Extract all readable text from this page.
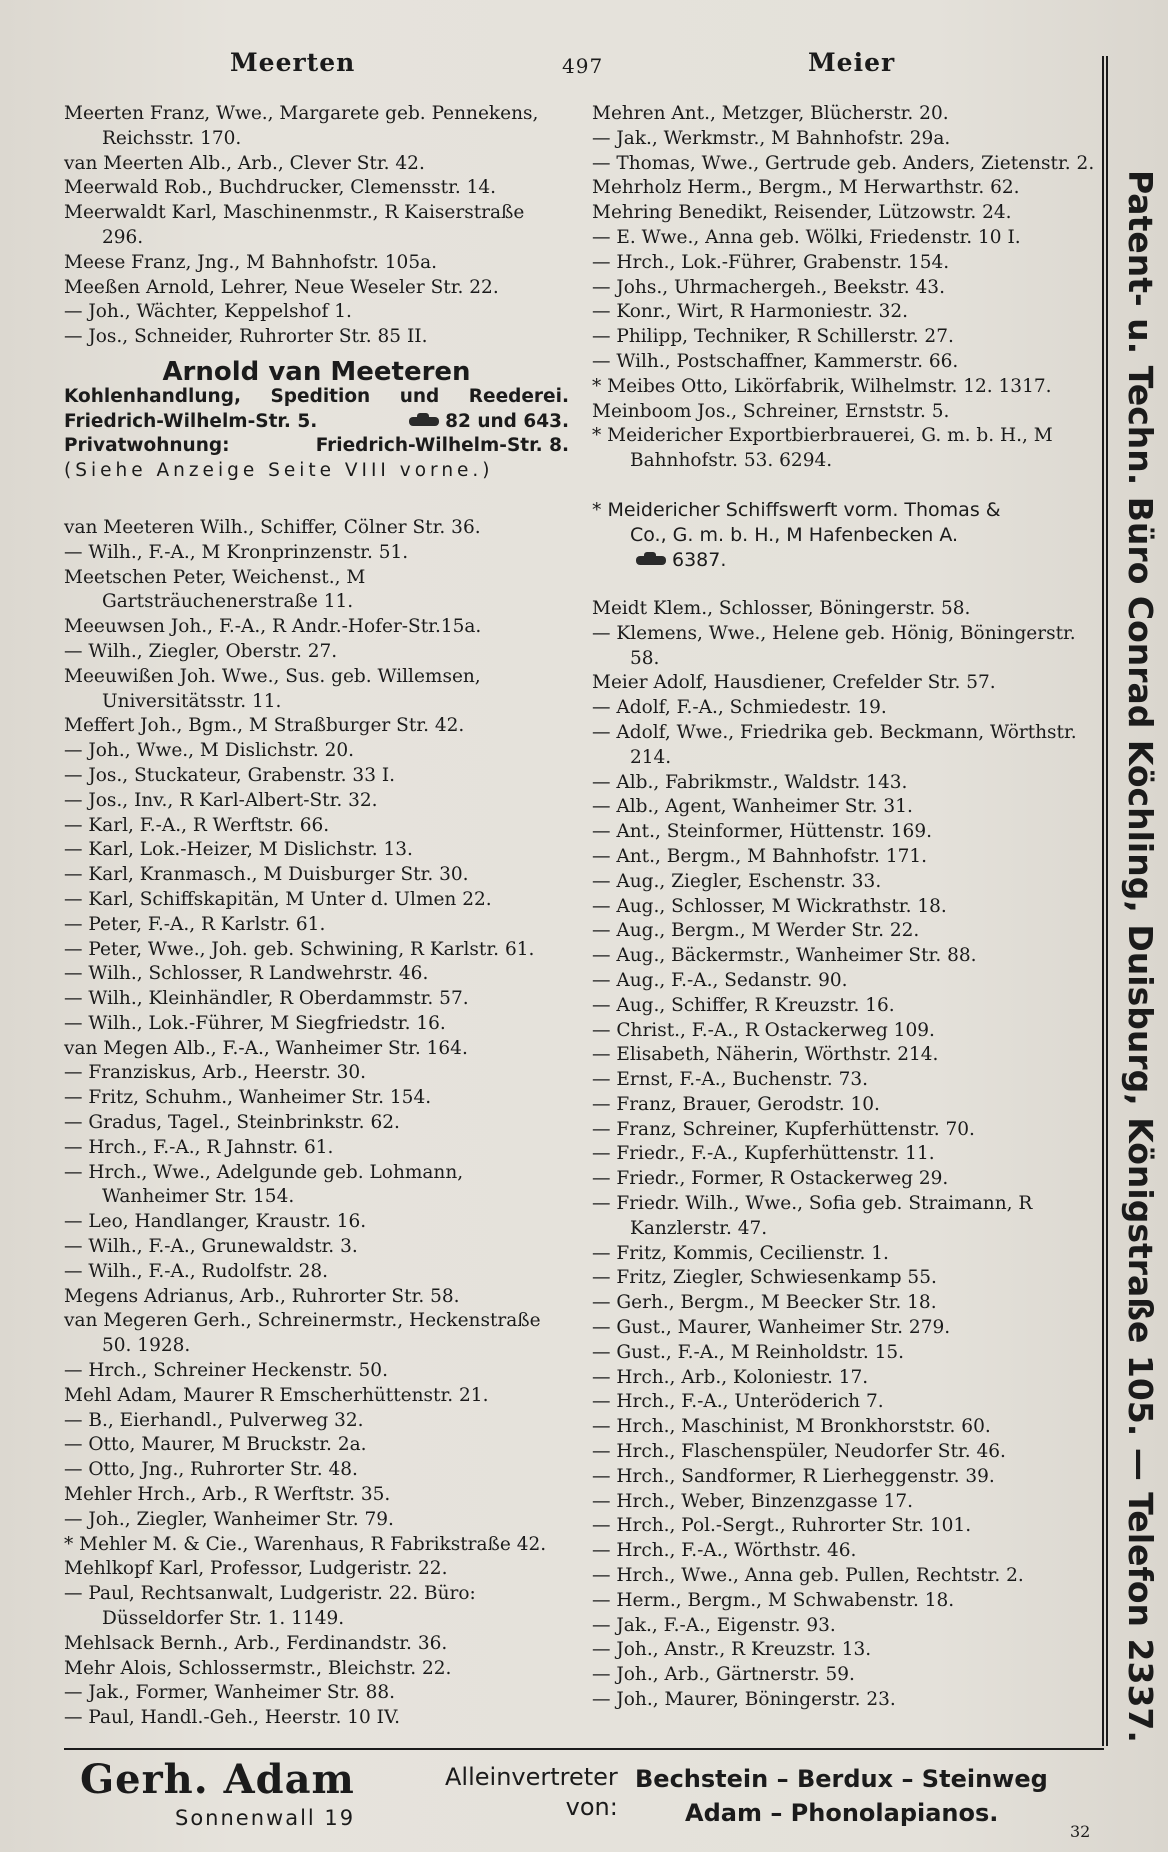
Meerten	497	Meier
Meerten Franz, Wwe., Margarete geb. Pennekens, Reichsstr. 170.
van Meerten Alb., Arb., Clever Str. 42.
Meerwald Rob., Buchdrucker, Clemensstr. 14.
Meerwaldt Karl, Maschinenmstr., R Kaiserstraße 296.
Meese Franz, Jng., M Bahnhofstr. 105a.
Meeßen Arnold, Lehrer, Neue Weseler Str. 22.
— Joh., Wächter, Keppelshof 1.
— Jos., Schneider, Ruhrorter Str. 85 II.
Arnold van Meeteren
Kohlenhandlung, Spedition und Reederei.
Friedrich-Wilhelm-Str. 5.	82 und 643.
Privatwohnung:	Friedrich-Wilhelm-Str. 8.
(Siehe Anzeige Seite VIII vorne.)
van Meeteren Wilh., Schiffer, Cölner Str. 36.
— Wilh., F.-A., M Kronprinzenstr. 51.
Meetschen Peter, Weichenst., M Gartsträuchenerstraße 11.
Meeuwsen Joh., F.-A., R Andr.-Hofer-Str.15a.
— Wilh., Ziegler, Oberstr. 27.
Meeuwißen Joh. Wwe., Sus. geb. Willemsen, Universitätsstr. 11.
Meffert Joh., Bgm., M Straßburger Str. 42.
— Joh., Wwe., M Dislichstr. 20.
— Jos., Stuckateur, Grabenstr. 33 I.
— Jos., Inv., R Karl-Albert-Str. 32.
— Karl, F.-A., R Werftstr. 66.
— Karl, Lok.-Heizer, M Dislichstr. 13.
— Karl, Kranmasch., M Duisburger Str. 30.
— Karl, Schiffskapitän, M Unter d. Ulmen 22.
— Peter, F.-A., R Karlstr. 61.
— Peter, Wwe., Joh. geb. Schwining, R Karlstr. 61.
— Wilh., Schlosser, R Landwehrstr. 46.
— Wilh., Kleinhändler, R Oberdammstr. 57.
— Wilh., Lok.-Führer, M Siegfriedstr. 16.
van Megen Alb., F.-A., Wanheimer Str. 164.
— Franziskus, Arb., Heerstr. 30.
— Fritz, Schuhm., Wanheimer Str. 154.
— Gradus, Tagel., Steinbrinkstr. 62.
— Hrch., F.-A., R Jahnstr. 61.
— Hrch., Wwe., Adelgunde geb. Lohmann, Wanheimer Str. 154.
— Leo, Handlanger, Kraustr. 16.
— Wilh., F.-A., Grunewaldstr. 3.
— Wilh., F.-A., Rudolfstr. 28.
Megens Adrianus, Arb., Ruhrorter Str. 58.
van Megeren Gerh., Schreinermstr., Heckenstraße 50. 1928.
— Hrch., Schreiner Heckenstr. 50.
Mehl Adam, Maurer R Emscherhüttenstr. 21.
— B., Eierhandl., Pulverweg 32.
— Otto, Maurer, M Bruckstr. 2a.
— Otto, Jng., Ruhrorter Str. 48.
Mehler Hrch., Arb., R Werftstr. 35.
— Joh., Ziegler, Wanheimer Str. 79.
* Mehler M. & Cie., Warenhaus, R Fabrikstraße 42.
Mehlkopf Karl, Professor, Ludgeristr. 22.
— Paul, Rechtsanwalt, Ludgeristr. 22. Büro: Düsseldorfer Str. 1. 1149.
Mehlsack Bernh., Arb., Ferdinandstr. 36.
Mehr Alois, Schlossermstr., Bleichstr. 22.
— Jak., Former, Wanheimer Str. 88.
— Paul, Handl.-Geh., Heerstr. 10 IV.
Mehren Ant., Metzger, Blücherstr. 20.
— Jak., Werkmstr., M Bahnhofstr. 29a.
— Thomas, Wwe., Gertrude geb. Anders, Zietenstr. 2.
Mehrholz Herm., Bergm., M Herwarthstr. 62.
Mehring Benedikt, Reisender, Lützowstr. 24.
— E. Wwe., Anna geb. Wölki, Friedenstr. 10 I.
— Hrch., Lok.-Führer, Grabenstr. 154.
— Johs., Uhrmachergeh., Beekstr. 43.
— Konr., Wirt, R Harmoniestr. 32.
— Philipp, Techniker, R Schillerstr. 27.
— Wilh., Postschaffner, Kammerstr. 66.
* Meibes Otto, Likörfabrik, Wilhelmstr. 12. 1317.
Meinboom Jos., Schreiner, Ernststr. 5.
* Meidericher Exportbierbrauerei, G. m. b. H., M Bahnhofstr. 53. 6294.
* Meidericher Schiffswerft vorm. Thomas &
Co., G. m. b. H., M Hafenbecken A.
6387.
Meidt Klem., Schlosser, Böningerstr. 58.
— Klemens, Wwe., Helene geb. Hönig, Böningerstr. 58.
Meier Adolf, Hausdiener, Crefelder Str. 57.
— Adolf, F.-A., Schmiedestr. 19.
— Adolf, Wwe., Friedrika geb. Beckmann, Wörthstr. 214.
— Alb., Fabrikmstr., Waldstr. 143.
— Alb., Agent, Wanheimer Str. 31.
— Ant., Steinformer, Hüttenstr. 169.
— Ant., Bergm., M Bahnhofstr. 171.
— Aug., Ziegler, Eschenstr. 33.
— Aug., Schlosser, M Wickrathstr. 18.
— Aug., Bergm., M Werder Str. 22.
— Aug., Bäckermstr., Wanheimer Str. 88.
— Aug., F.-A., Sedanstr. 90.
— Aug., Schiffer, R Kreuzstr. 16.
— Christ., F.-A., R Ostackerweg 109.
— Elisabeth, Näherin, Wörthstr. 214.
— Ernst, F.-A., Buchenstr. 73.
— Franz, Brauer, Gerodstr. 10.
— Franz, Schreiner, Kupferhüttenstr. 70.
— Friedr., F.-A., Kupferhüttenstr. 11.
— Friedr., Former, R Ostackerweg 29.
— Friedr. Wilh., Wwe., Sofia geb. Straimann, R Kanzlerstr. 47.
— Fritz, Kommis, Cecilienstr. 1.
— Fritz, Ziegler, Schwiesenkamp 55.
— Gerh., Bergm., M Beecker Str. 18.
— Gust., Maurer, Wanheimer Str. 279.
— Gust., F.-A., M Reinholdstr. 15.
— Hrch., Arb., Koloniestr. 17.
— Hrch., F.-A., Unteröderich 7.
— Hrch., Maschinist, M Bronkhorststr. 60.
— Hrch., Flaschenspüler, Neudorfer Str. 46.
— Hrch., Sandformer, R Lierheggenstr. 39.
— Hrch., Weber, Binzenzgasse 17.
— Hrch., Pol.-Sergt., Ruhrorter Str. 101.
— Hrch., F.-A., Wörthstr. 46.
— Hrch., Wwe., Anna geb. Pullen, Rechtstr. 2.
— Herm., Bergm., M Schwabenstr. 18.
— Jak., F.-A., Eigenstr. 93.
— Joh., Anstr., R Kreuzstr. 13.
— Joh., Arb., Gärtnerstr. 59.
— Joh., Maurer, Böningerstr. 23.	Patent- u. Techn. Büro Conrad Köchling, Duisburg, Königstraße 105. — Telefon 2337.
Gerh. Adam
Sonnenwall 19
Alleinvertreter
von:
Bechstein – Berdux – Steinweg
Adam – Phonolapianos.
32
